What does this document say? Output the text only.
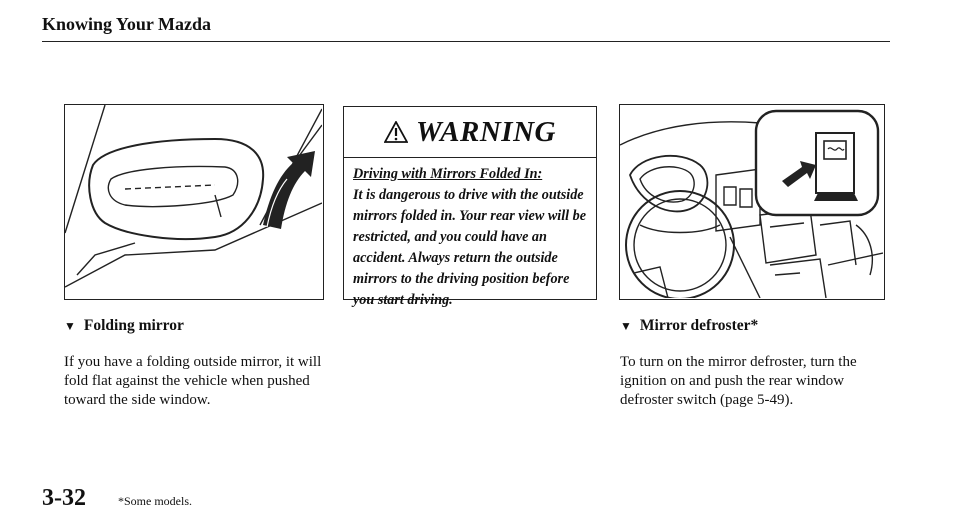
Knowing Your Mazda
WARNING
Driving with Mirrors Folded In:
It is dangerous to drive with the outside mirrors folded in. Your rear view will be restricted, and you could have an accident. Always return the outside mirrors to the driving position before you start driving.
▼ Folding mirror
If you have a folding outside mirror, it will fold flat against the vehicle when pushed toward the side window.
▼ Mirror defroster*
To turn on the mirror defroster, turn the ignition on and push the rear window defroster switch (page 5-49).
3-32	*Some models.
